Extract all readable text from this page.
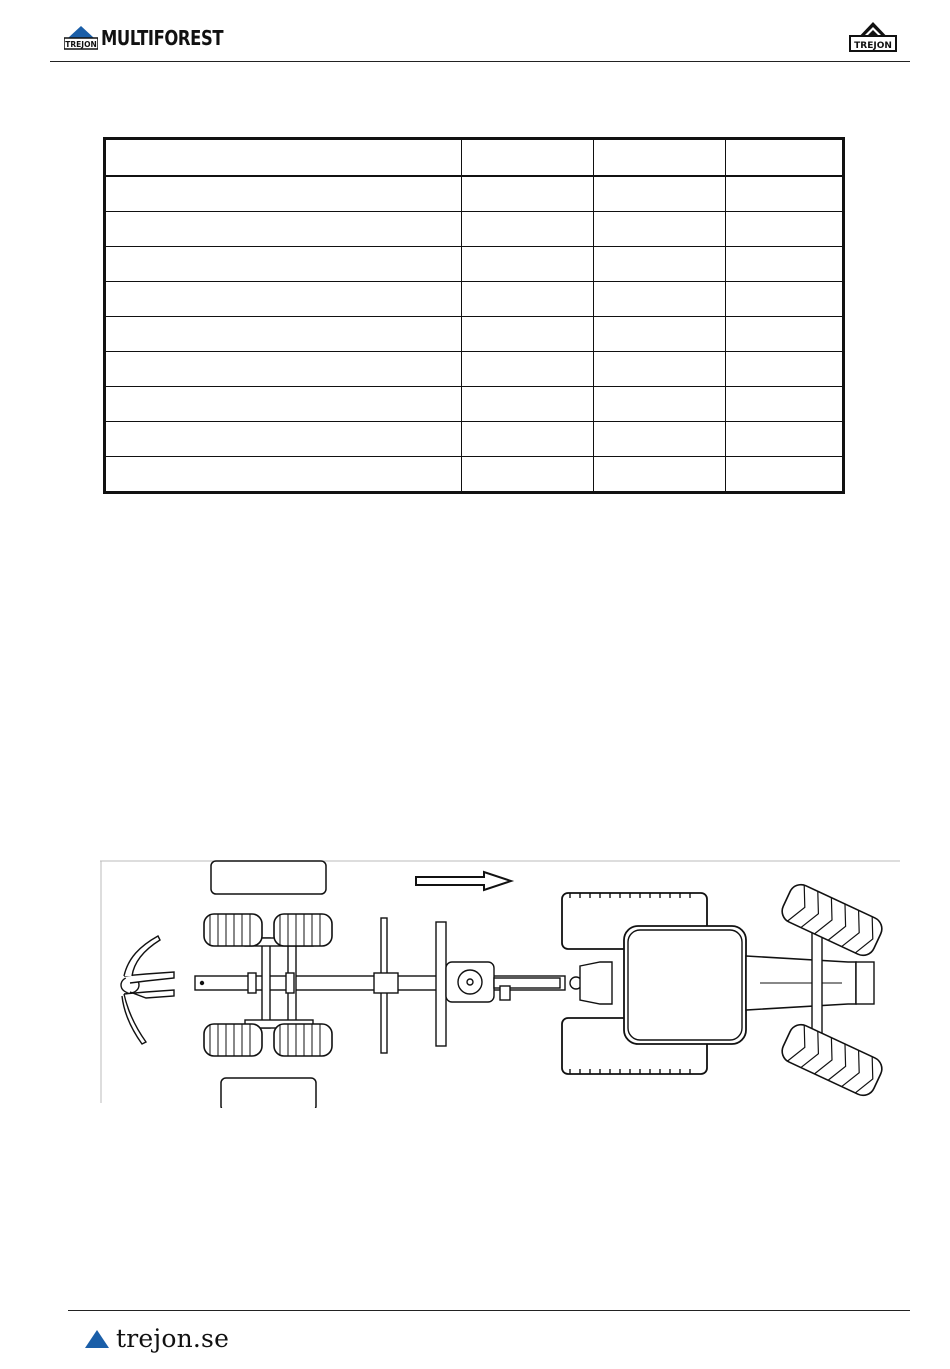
TREJON MULTIFOREST	TREJON

trejon.se
